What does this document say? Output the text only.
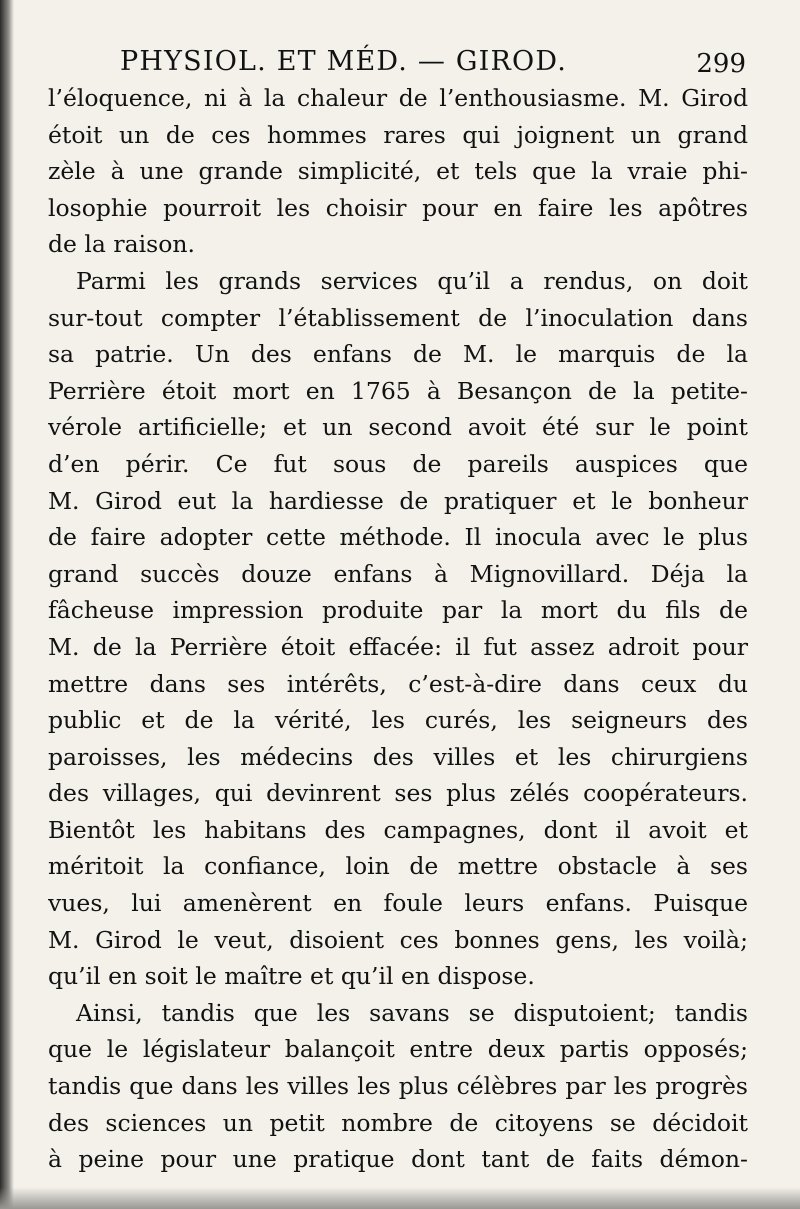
PHYSIOL. ET MÉD. — GIROD.	299
l’éloquence, ni à la chaleur de l’enthousiasme. M. Girod
étoit un de ces hommes rares qui joignent un grand
zèle à une grande simplicité, et tels que la vraie phi-
losophie pourroit les choisir pour en faire les apôtres
de la raison.
Parmi les grands services qu’il a rendus, on doit
sur-tout compter l’établissement de l’inoculation dans
sa patrie. Un des enfans de M. le marquis de la
Perrière étoit mort en 1765 à Besançon de la petite-
vérole artificielle; et un second avoit été sur le point
d’en périr. Ce fut sous de pareils auspices que
M. Girod eut la hardiesse de pratiquer et le bonheur
de faire adopter cette méthode. Il inocula avec le plus
grand succès douze enfans à Mignovillard. Déja la
fâcheuse impression produite par la mort du fils de
M. de la Perrière étoit effacée: il fut assez adroit pour
mettre dans ses intérêts, c’est-à-dire dans ceux du
public et de la vérité, les curés, les seigneurs des
paroisses, les médecins des villes et les chirurgiens
des villages, qui devinrent ses plus zélés coopérateurs.
Bientôt les habitans des campagnes, dont il avoit et
méritoit la confiance, loin de mettre obstacle à ses
vues, lui amenèrent en foule leurs enfans. Puisque
M. Girod le veut, disoient ces bonnes gens, les voilà;
qu’il en soit le maître et qu’il en dispose.
Ainsi, tandis que les savans se disputoient; tandis
que le législateur balançoit entre deux partis opposés;
tandis que dans les villes les plus célèbres par les progrès
des sciences un petit nombre de citoyens se décidoit
à peine pour une pratique dont tant de faits démon-
